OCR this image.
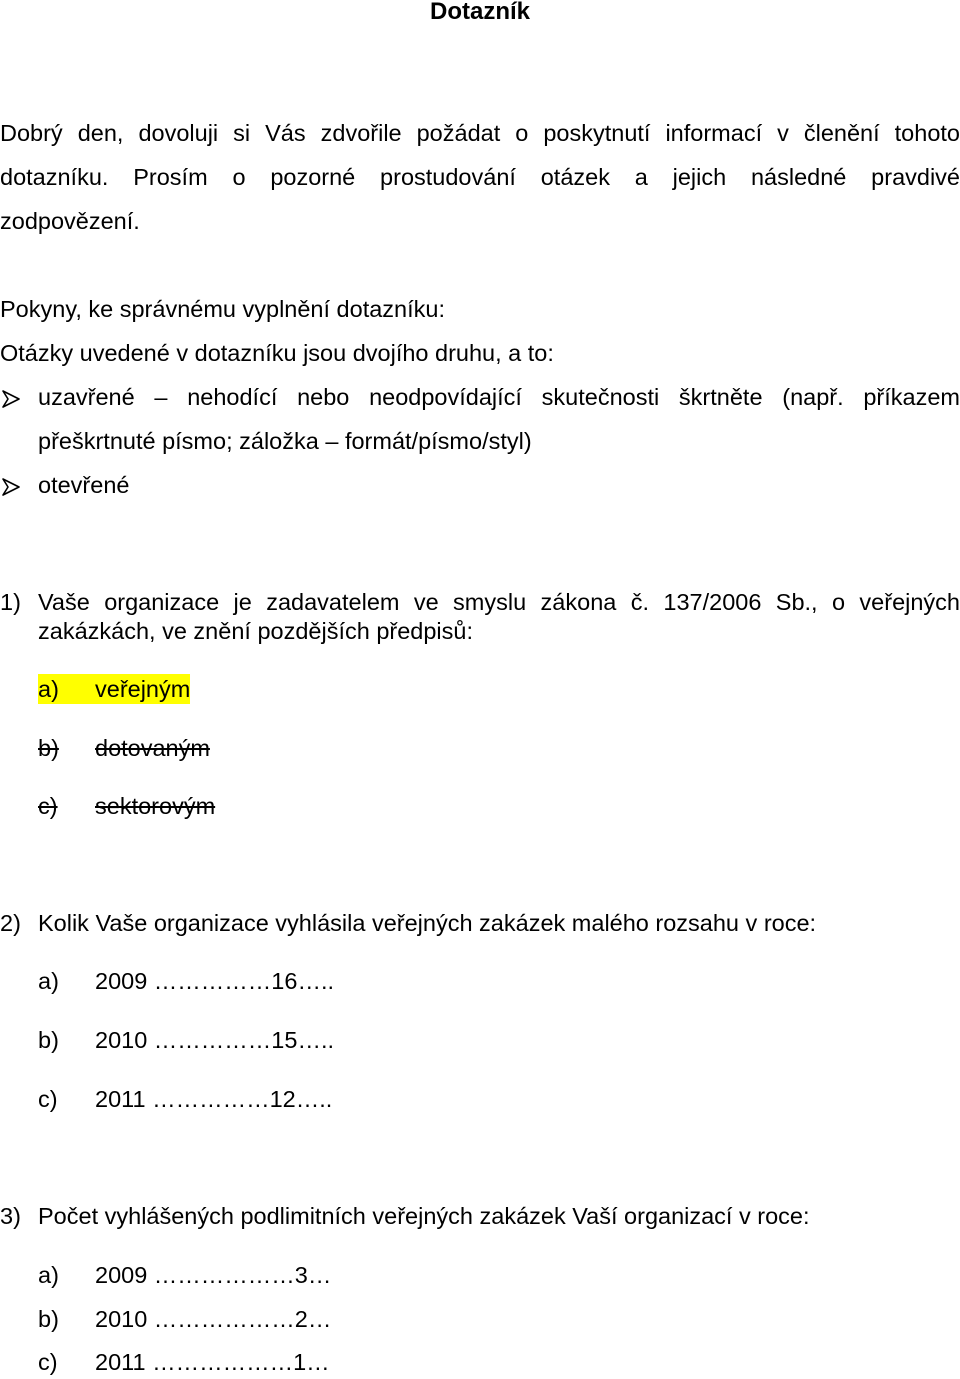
Dotazník

Dobrý den, dovoluji si Vás zdvořile požádat o poskytnutí informací v členění tohoto

dotazníku. Prosím o pozorné prostudování otázek a jejich následné pravdivé

zodpovězení.

Pokyny, ke správnému vyplnění dotazníku:

Otázky uvedené v dotazníku jsou dvojího druhu, a to:

uzavřené – nehodící nebo neodpovídající skutečnosti škrtněte (např. příkazem

přeškrtnuté písmo; záložka – formát/písmo/styl)

otevřené

1) Vaše organizace je zadavatelem ve smyslu zákona č. 137/2006 Sb., o veřejných

zakázkách, ve znění pozdějších předpisů:

a)	veřejným
b)	dotovaným
c)	sektorovým
2) Kolik Vaše organizace vyhlásila veřejných zakázek malého rozsahu v roce:
a) 2009 ……………16…..
b) 2010 ……………15…..
c) 2011 ……………12…..
3) Počet vyhlášených podlimitních veřejných zakázek Vaší organizací v roce:
a) 2009 ………………3…
b) 2010 ………………2…
c) 2011 ………………1…
